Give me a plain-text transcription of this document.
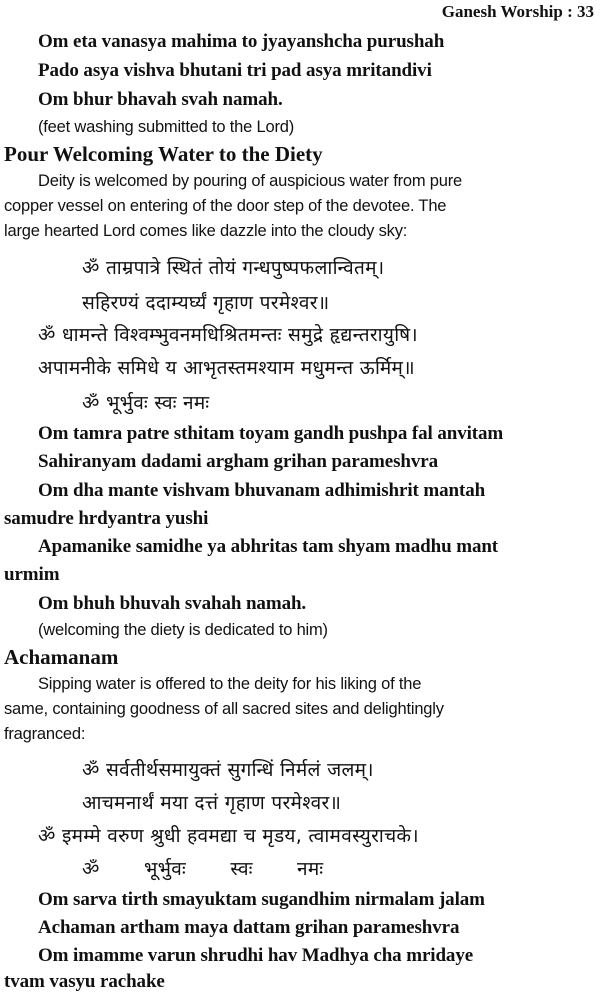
Ganesh Worship : 33
Om eta vanasya mahima to jyayanshcha purushah
Pado asya vishva bhutani tri pad asya mritandivi
Om bhur bhavah svah namah.
(feet washing submitted to the Lord)
Pour Welcoming Water to the Diety
Deity is welcomed by pouring of auspicious water from pure
copper vessel on entering of the door step of the devotee. The
large hearted Lord comes like dazzle into the cloudy sky:
ॐ ताम्रपात्रे स्थितं तोयं गन्धपुष्पफलान्वितम्।
सहिरण्यं ददाम्यर्घ्यं गृहाण परमेश्वर॥
ॐ धामन्ते विश्वम्भुवनमधिश्रितमन्तः समुद्रे हृद्यन्तरायुषि।
अपामनीके समिधे य आभृतस्तमश्याम मधुमन्त ऊर्मिम्॥
ॐ भूर्भुवः स्वः नमः
Om tamra patre sthitam toyam gandh pushpa fal anvitam
Sahiranyam dadami argham grihan parameshvra
Om dha mante vishvam bhuvanam adhimishrit mantah
samudre hrdyantra yushi
Apamanike samidhe ya abhritas tam shyam madhu mant
urmim
Om bhuh bhuvah svahah namah.
(welcoming the diety is dedicated to him)
Achamanam
Sipping water is offered to the deity for his liking of the
same, containing goodness of all sacred sites and delightingly
fragranced:
ॐ सर्वतीर्थसमायुक्तं सुगन्धिं निर्मलं जलम्।
आचमनार्थं मया दत्तं गृहाण परमेश्वर॥
ॐ इमम्मे वरुण श्रुधी हवमद्या च मृडय, त्वामवस्युराचके।
ॐ भूर्भुवः स्वः नमः
Om sarva tirth smayuktam sugandhim nirmalam jalam
Achaman artham maya dattam grihan parameshvra
Om imamme varun shrudhi hav Madhya cha mridaye
tvam vasyu rachake
